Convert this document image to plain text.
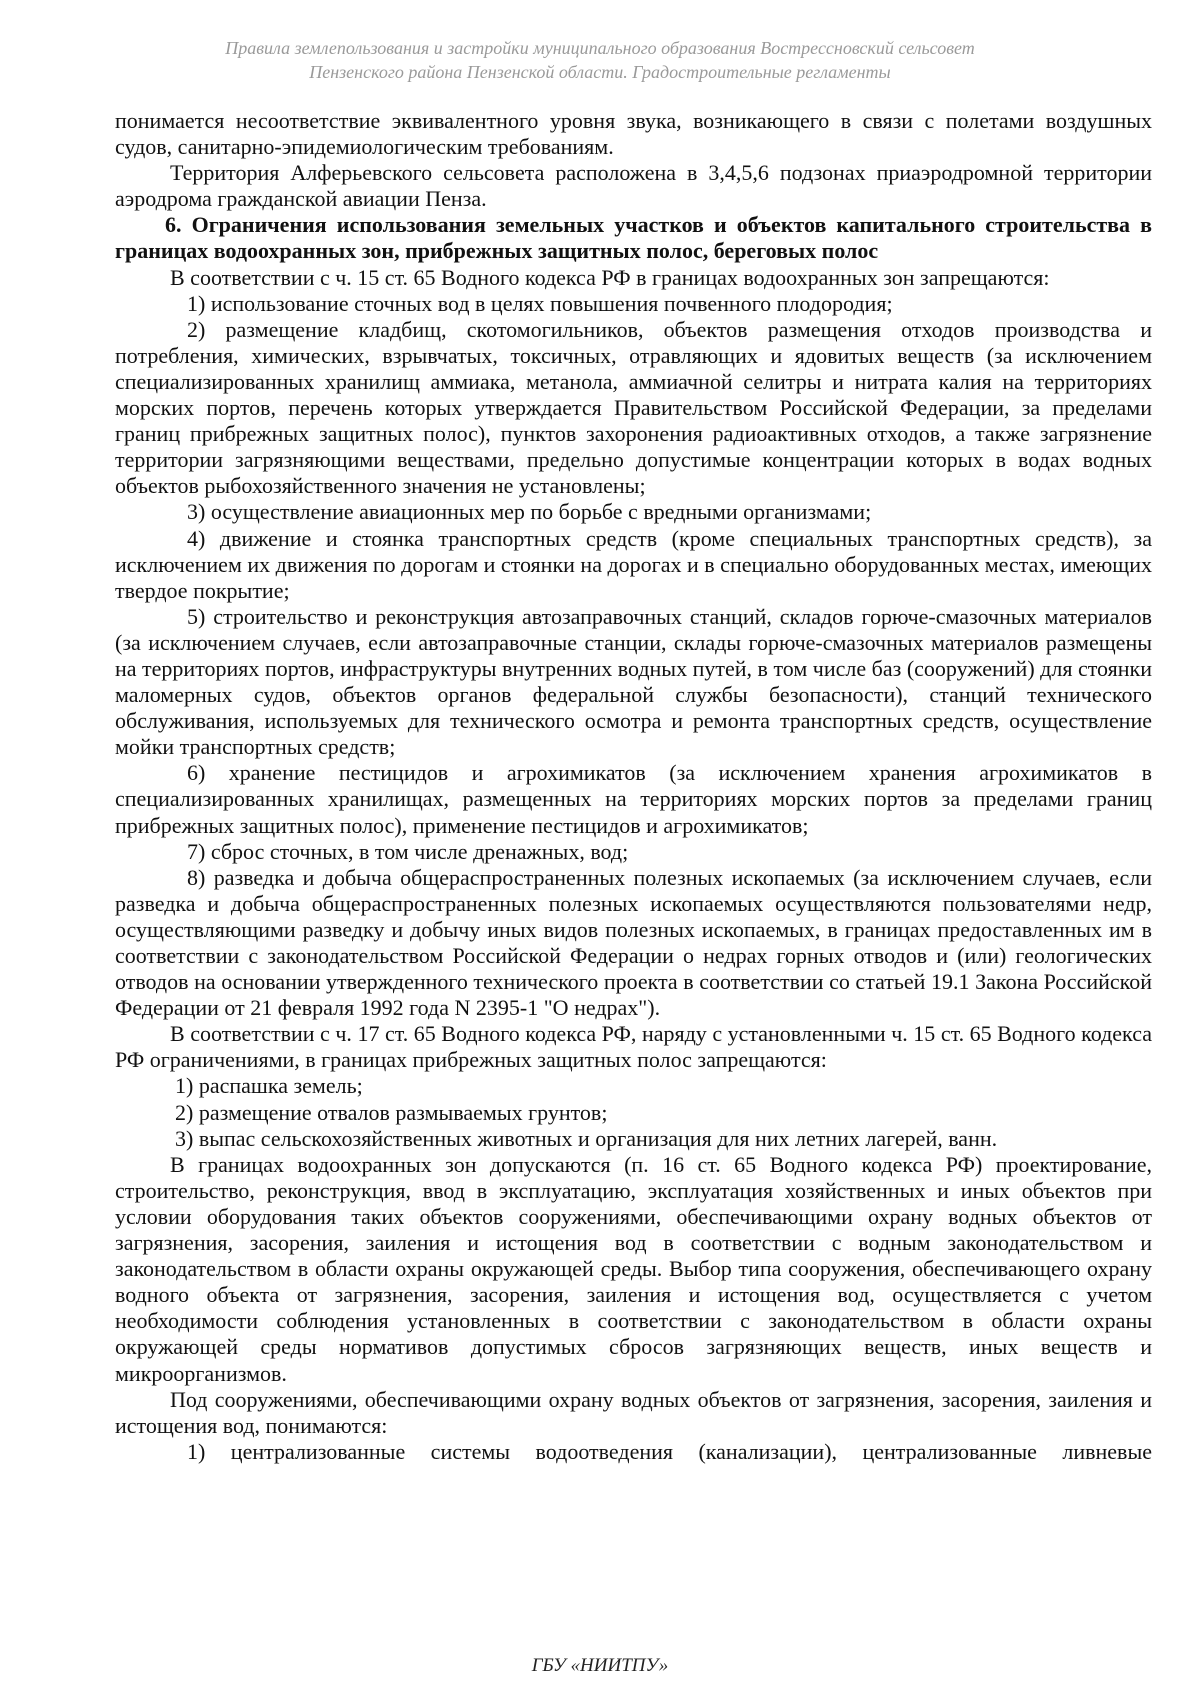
Правила землепользования и застройки муниципального образования Вострессновский сельсовет
Пензенского района Пензенской области. Градостроительные регламенты

понимается несоответствие эквивалентного уровня звука, возникающего в связи с полетами воздушных судов, санитарно-эпидемиологическим требованиям.

Территория Алферьевского сельсовета расположена в 3,4,5,6 подзонах приаэродромной территории аэродрома гражданской авиации Пенза.

6. Ограничения использования земельных участков и объектов капитального строительства в границах водоохранных зон, прибрежных защитных полос, береговых полос

В соответствии с ч. 15 ст. 65 Водного кодекса РФ в границах водоохранных зон запрещаются:

1) использование сточных вод в целях повышения почвенного плодородия;

2) размещение кладбищ, скотомогильников, объектов размещения отходов производства и потребления, химических, взрывчатых, токсичных, отравляющих и ядовитых веществ (за исключением специализированных хранилищ аммиака, метанола, аммиачной селитры и нитрата калия на территориях морских портов, перечень которых утверждается Правительством Российской Федерации, за пределами границ прибрежных защитных полос), пунктов захоронения радиоактивных отходов, а также загрязнение территории загрязняющими веществами, предельно допустимые концентрации которых в водах водных объектов рыбохозяйственного значения не установлены;

3) осуществление авиационных мер по борьбе с вредными организмами;

4) движение и стоянка транспортных средств (кроме специальных транспортных средств), за исключением их движения по дорогам и стоянки на дорогах и в специально оборудованных местах, имеющих твердое покрытие;

5) строительство и реконструкция автозаправочных станций, складов горюче-смазочных материалов (за исключением случаев, если автозаправочные станции, склады горюче-смазочных материалов размещены на территориях портов, инфраструктуры внутренних водных путей, в том числе баз (сооружений) для стоянки маломерных судов, объектов органов федеральной службы безопасности), станций технического обслуживания, используемых для технического осмотра и ремонта транспортных средств, осуществление мойки транспортных средств;

6) хранение пестицидов и агрохимикатов (за исключением хранения агрохимикатов в специализированных хранилищах, размещенных на территориях морских портов за пределами границ прибрежных защитных полос), применение пестицидов и агрохимикатов;

7) сброс сточных, в том числе дренажных, вод;

8) разведка и добыча общераспространенных полезных ископаемых (за исключением случаев, если разведка и добыча общераспространенных полезных ископаемых осуществляются пользователями недр, осуществляющими разведку и добычу иных видов полезных ископаемых, в границах предоставленных им в соответствии с законодательством Российской Федерации о недрах горных отводов и (или) геологических отводов на основании утвержденного технического проекта в соответствии со статьей 19.1 Закона Российской Федерации от 21 февраля 1992 года N 2395-1 "О недрах").

В соответствии с ч. 17 ст. 65 Водного кодекса РФ, наряду с установленными ч. 15 ст. 65 Водного кодекса РФ ограничениями, в границах прибрежных защитных полос запрещаются:

1) распашка земель;

2) размещение отвалов размываемых грунтов;

3) выпас сельскохозяйственных животных и организация для них летних лагерей, ванн.

В границах водоохранных зон допускаются (п. 16 ст. 65 Водного кодекса РФ) проектирование, строительство, реконструкция, ввод в эксплуатацию, эксплуатация хозяйственных и иных объектов при условии оборудования таких объектов сооружениями, обеспечивающими охрану водных объектов от загрязнения, засорения, заиления и истощения вод в соответствии с водным законодательством и законодательством в области охраны окружающей среды. Выбор типа сооружения, обеспечивающего охрану водного объекта от загрязнения, засорения, заиления и истощения вод, осуществляется с учетом необходимости соблюдения установленных в соответствии с законодательством в области охраны окружающей среды нормативов допустимых сбросов загрязняющих веществ, иных веществ и микроорганизмов.

Под сооружениями, обеспечивающими охрану водных объектов от загрязнения, засорения, заиления и истощения вод, понимаются:

1) централизованные системы водоотведения (канализации), централизованные ливневые

ГБУ «НИИТПУ»
